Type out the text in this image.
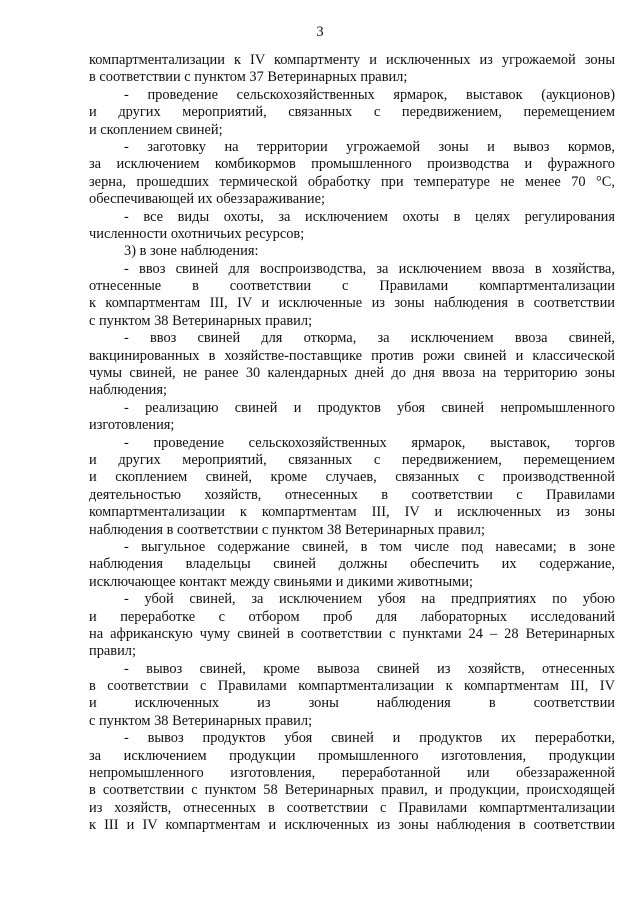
3
компартментализации к IV компартменту и исключенных из угрожаемой зоны
в соответствии с пунктом 37 Ветеринарных правил;
- проведение сельскохозяйственных ярмарок, выставок (аукционов)
и других мероприятий, связанных с передвижением, перемещением
и скоплением свиней;
- заготовку на территории угрожаемой зоны и вывоз кормов,
за исключением комбикормов промышленного производства и фуражного
зерна, прошедших термической обработку при температуре не менее 70 °С,
обеспечивающей их обеззараживание;
- все виды охоты, за исключением охоты в целях регулирования
численности охотничьих ресурсов;
3) в зоне наблюдения:
- ввоз свиней для воспроизводства, за исключением ввоза в хозяйства,
отнесенные в соответствии с Правилами компартментализации
к компартментам III, IV и исключенные из зоны наблюдения в соответствии
с пунктом 38 Ветеринарных правил;
- ввоз свиней для откорма, за исключением ввоза свиней,
вакцинированных в хозяйстве-поставщике против рожи свиней и классической
чумы свиней, не ранее 30 календарных дней до дня ввоза на территорию зоны
наблюдения;
- реализацию свиней и продуктов убоя свиней непромышленного
изготовления;
- проведение сельскохозяйственных ярмарок, выставок, торгов
и других мероприятий, связанных с передвижением, перемещением
и скоплением свиней, кроме случаев, связанных с производственной
деятельностью хозяйств, отнесенных в соответствии с Правилами
компартментализации к компартментам III, IV и исключенных из зоны
наблюдения в соответствии с пунктом 38 Ветеринарных правил;
- выгульное содержание свиней, в том числе под навесами; в зоне
наблюдения владельцы свиней должны обеспечить их содержание,
исключающее контакт между свиньями и дикими животными;
- убой свиней, за исключением убоя на предприятиях по убою
и переработке с отбором проб для лабораторных исследований
на африканскую чуму свиней в соответствии с пунктами 24 – 28 Ветеринарных
правил;
- вывоз свиней, кроме вывоза свиней из хозяйств, отнесенных
в соответствии с Правилами компартментализации к компартментам III, IV
и исключенных из зоны наблюдения в соответствии
с пунктом 38 Ветеринарных правил;
- вывоз продуктов убоя свиней и продуктов их переработки,
за исключением продукции промышленного изготовления, продукции
непромышленного изготовления, переработанной или обеззараженной
в соответствии с пунктом 58 Ветеринарных правил, и продукции, происходящей
из хозяйств, отнесенных в соответствии с Правилами компартментализации
к III и IV компартментам и исключенных из зоны наблюдения в соответствии
